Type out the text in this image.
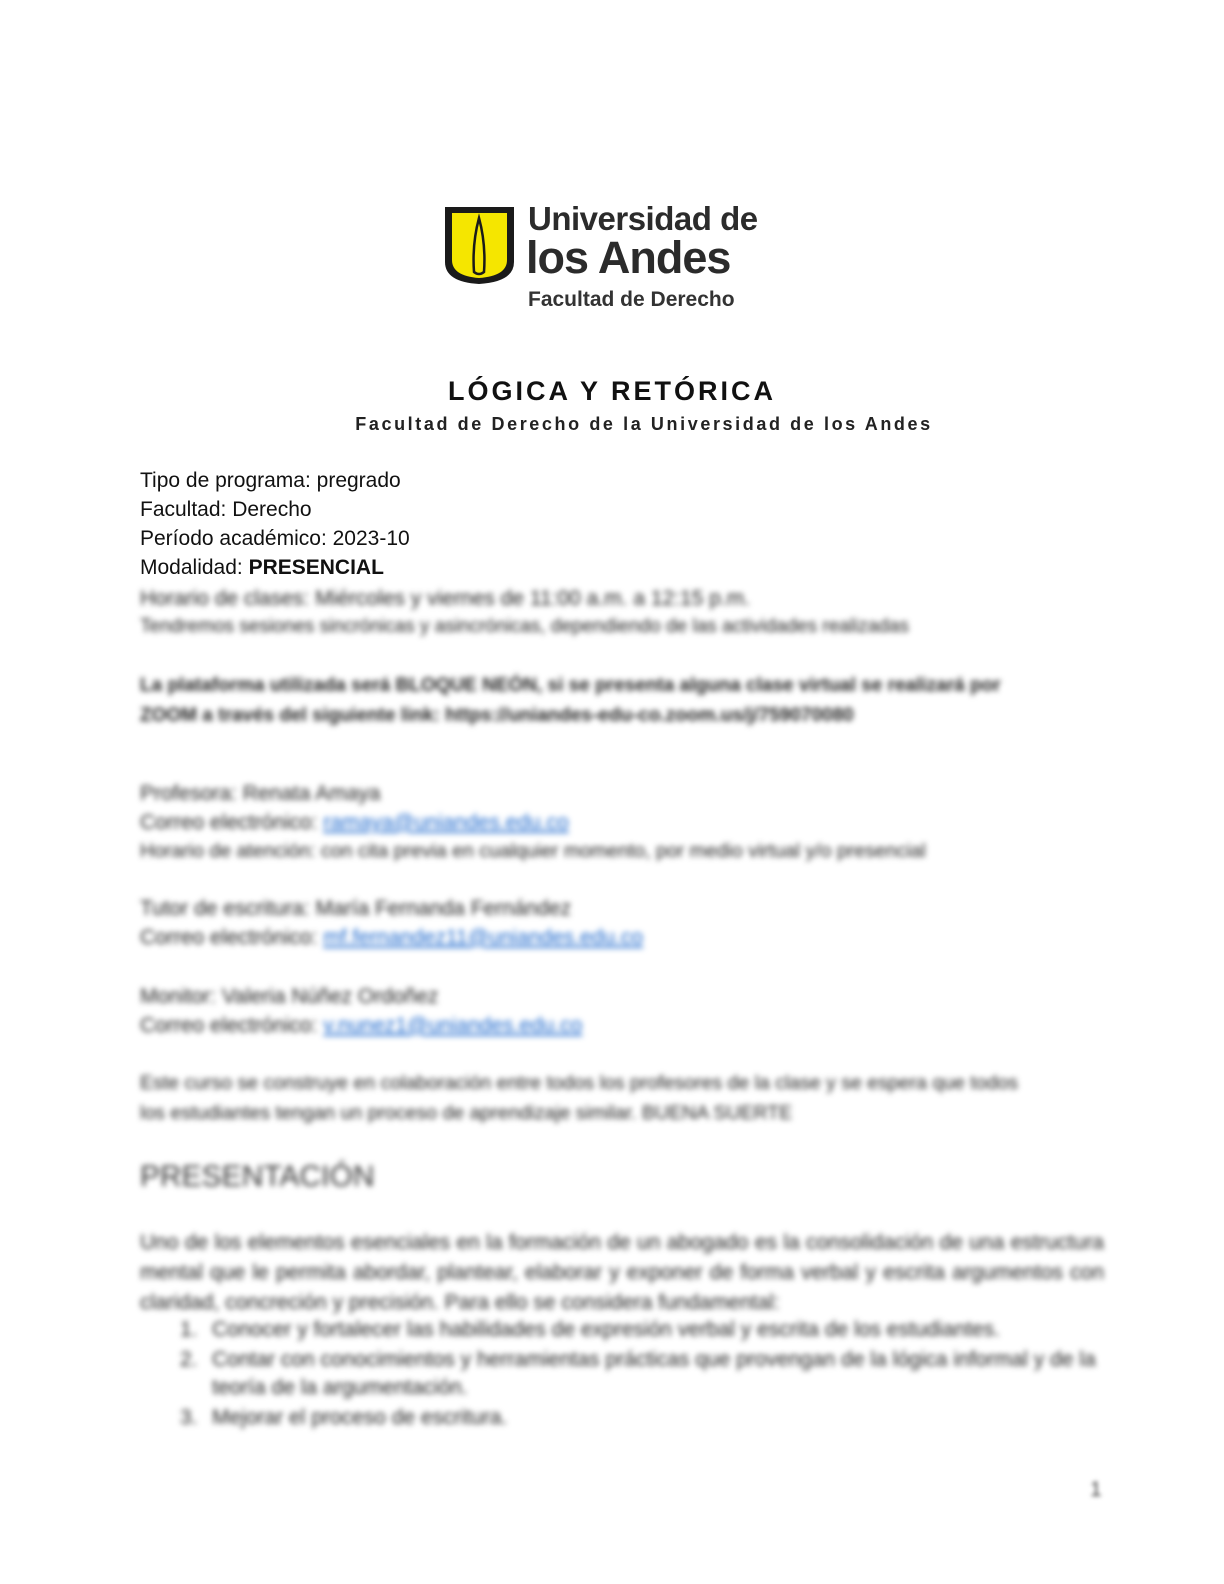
Universidad de
los Andes
Facultad de Derecho
LÓGICA Y RETÓRICA
Facultad de Derecho de la Universidad de los Andes
Tipo de programa: pregrado
Facultad: Derecho
Período académico: 2023-10
Modalidad: PRESENCIAL
Horario de clases: Miércoles y viernes de 11:00 a.m. a 12:15 p.m.
Tendremos sesiones sincrónicas y asincrónicas, dependiendo de las actividades realizadas
La plataforma utilizada será BLOQUE NEÓN, si se presenta alguna clase virtual se realizará por
ZOOM a través del siguiente link: https://uniandes-edu-co.zoom.us/j/759070080
Profesora: Renata Amaya
Correo electrónico: ramaya@uniandes.edu.co
Horario de atención: con cita previa en cualquier momento, por medio virtual y/o presencial
Tutor de escritura: María Fernanda Fernández
Correo electrónico: mf.fernandez11@uniandes.edu.co
Monitor: Valeria Núñez Ordoñez
Correo electrónico: v.nunez1@uniandes.edu.co
Este curso se construye en colaboración entre todos los profesores de la clase y se espera que todos
los estudiantes tengan un proceso de aprendizaje similar. BUENA SUERTE
PRESENTACIÓN
Uno de los elementos esenciales en la formación de un abogado es la consolidación de una estructura mental que le permita abordar, plantear, elaborar y exponer de forma verbal y escrita argumentos con claridad, concreción y precisión. Para ello se considera fundamental:
1. Conocer y fortalecer las habilidades de expresión verbal y escrita de los estudiantes.
2. Contar con conocimientos y herramientas prácticas que provengan de la lógica informal y de la teoría de la argumentación.
3. Mejorar el proceso de escritura.
1
